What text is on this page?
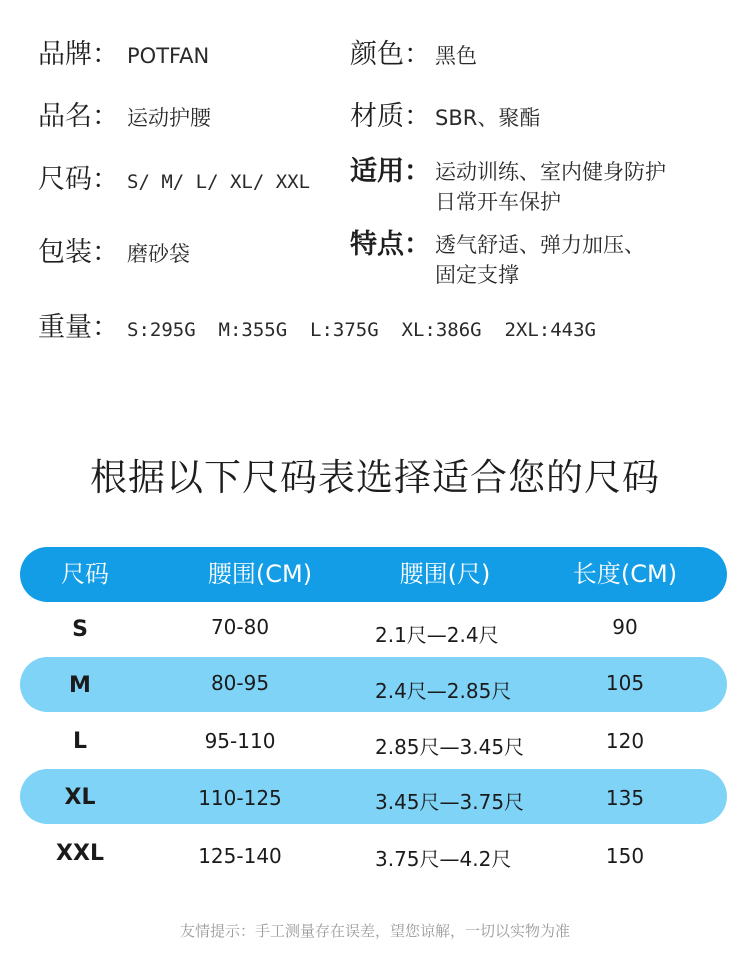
品牌： POTFAN	颜色： 黑色
品名： 运动护腰	材质： SBR、聚酯
尺码： S/ M/ L/ XL/ XXL 适用： 运动训练、室内健身防护
日常开车保护
包装： 磨砂袋	特点： 透气舒适、弹力加压、
固定支撑
重量： S:295G  M:355G  L:375G  XL:386G  2XL:443G
根据以下尺码表选择适合您的尺码
尺码	腰围(CM)	腰围(尺)	长度(CM)
S	70-80	2.1尺—2.4尺	90
M	80-95	2.4尺—2.85尺	105
L	95-110	2.85尺—3.45尺	120
XL	110-125	3.45尺—3.75尺	135
XXL	125-140	3.75尺—4.2尺	150
友情提示：手工测量存在误差，望您谅解，一切以实物为准
